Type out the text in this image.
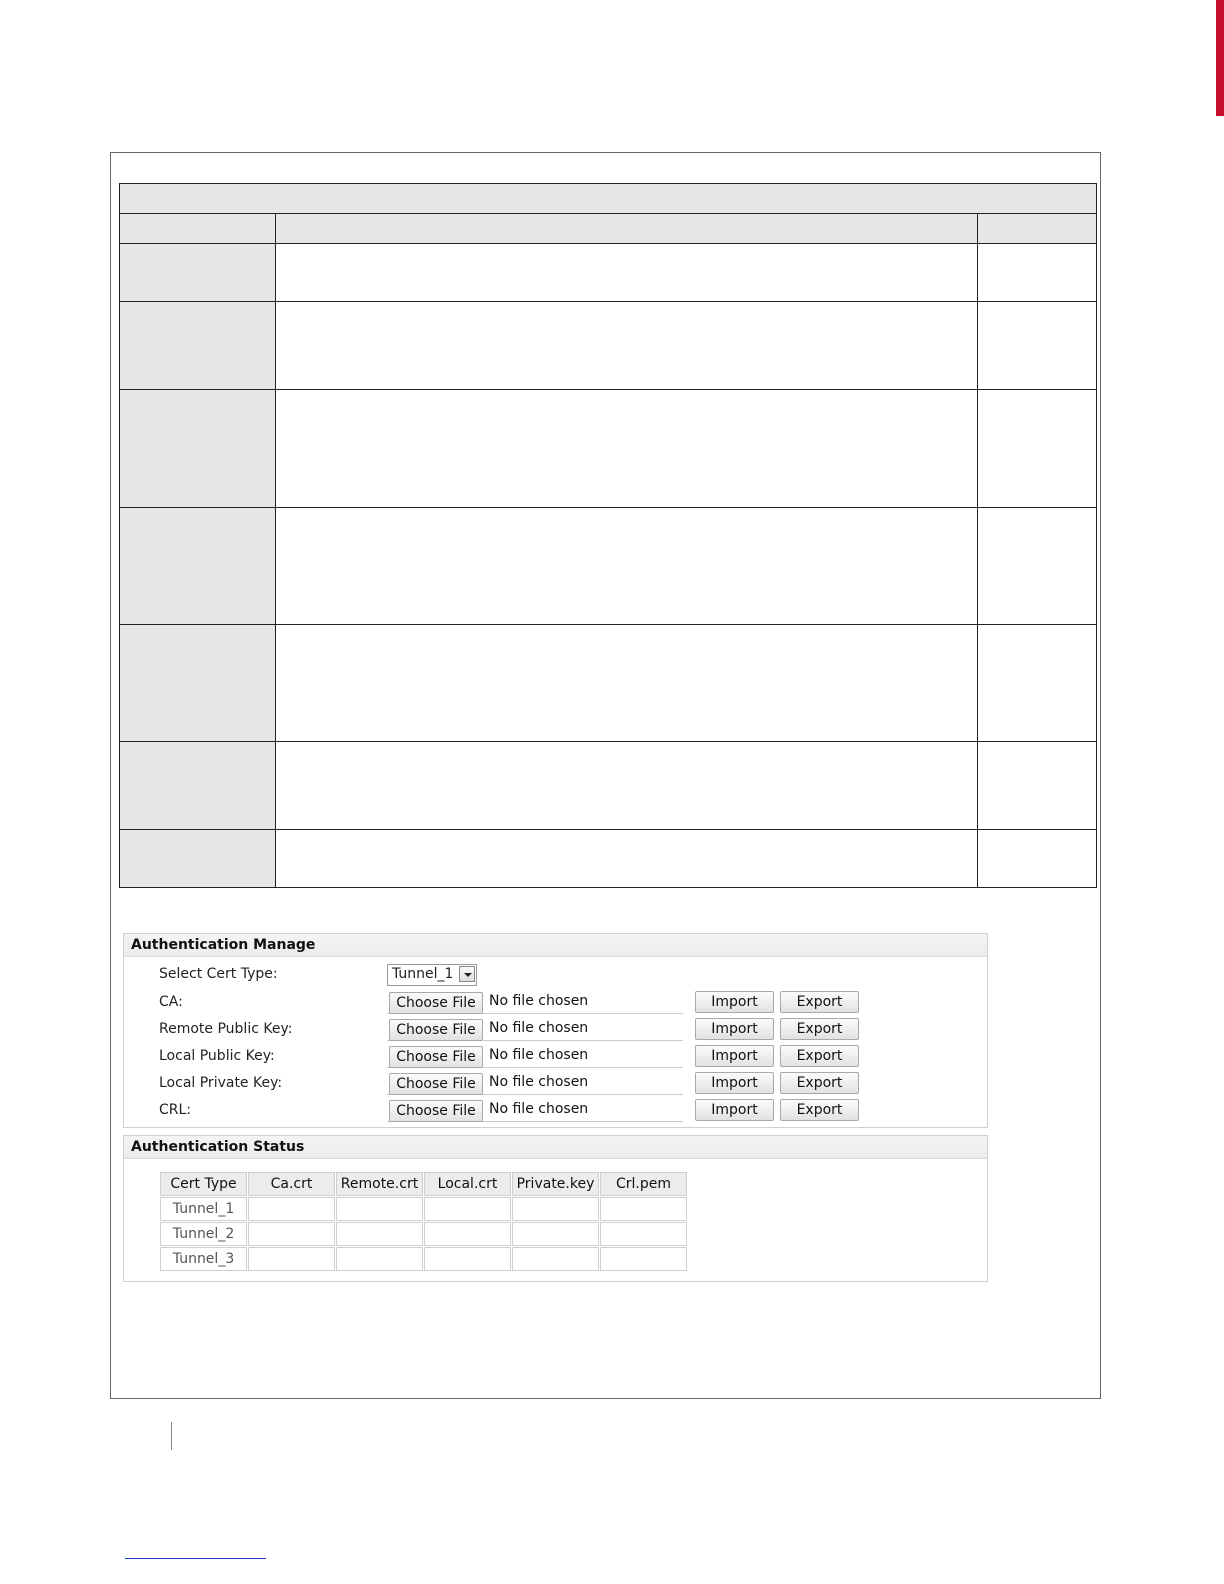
Authentication Manage
Select Cert Type:	Tunnel_1
CA:	Choose File No file chosen	Import	Export
Remote Public Key:	Choose File No file chosen	Import	Export
Local Public Key:	Choose File No file chosen	Import	Export
Local Private Key:	Choose File No file chosen	Import	Export
CRL:	Choose File No file chosen	Import	Export
Authentication Status
Cert Type	Ca.crt	Remote.crt	Local.crt	Private.key	Crl.pem
Tunnel_1					
Tunnel_2					
Tunnel_3					
